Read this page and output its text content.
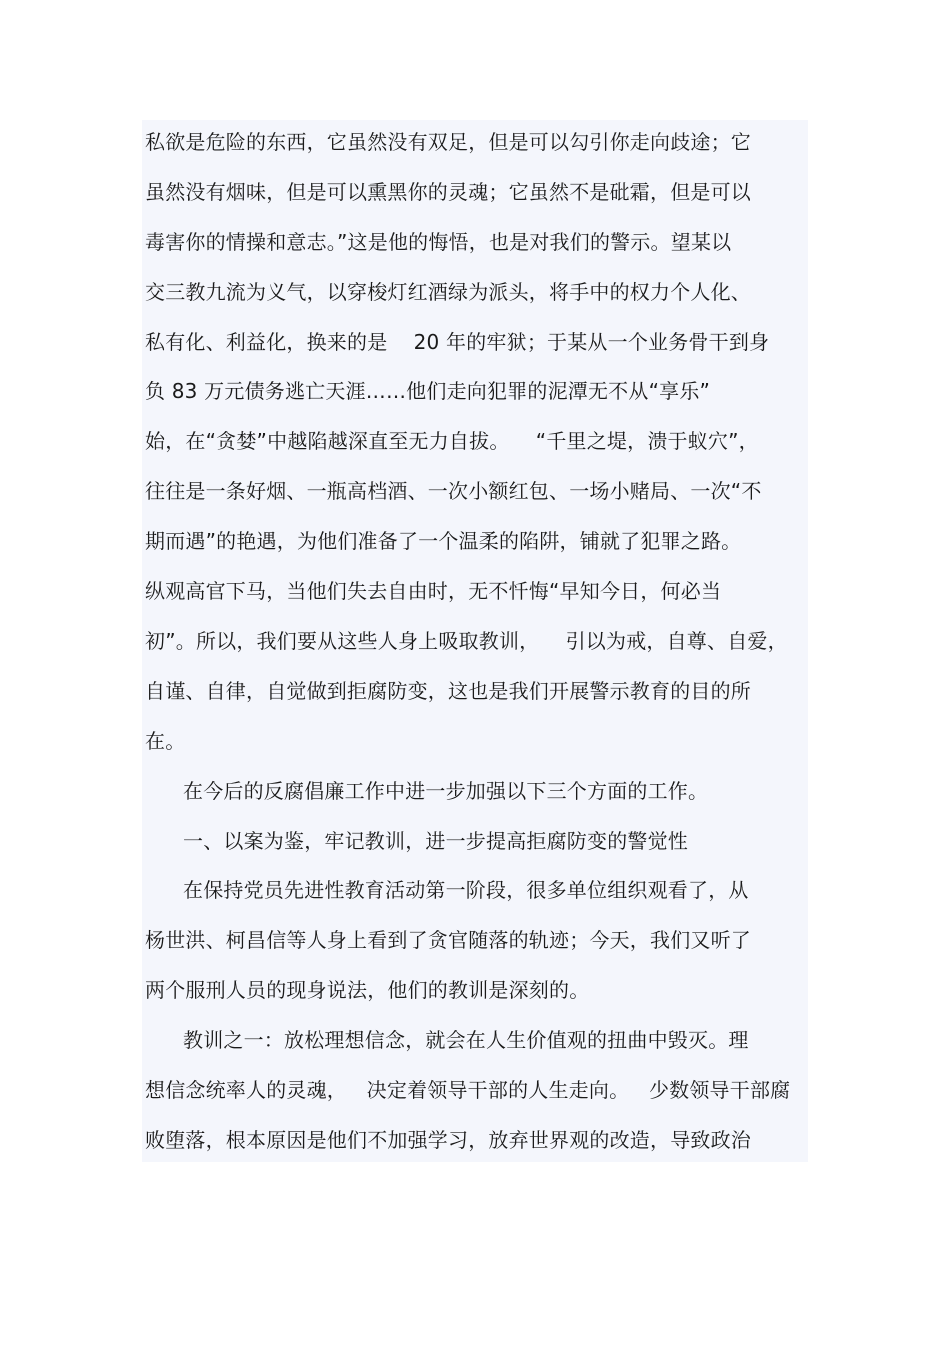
私欲是危险的东西，它虽然没有双足，但是可以勾引你走向歧途；它
虽然没有烟味，但是可以熏黑你的灵魂；它虽然不是砒霜，但是可以
毒害你的情操和意志。”这是他的悔悟，也是对我们的警示。望某以
交三教九流为义气，以穿梭灯红酒绿为派头，将手中的权力个人化、
私有化、利益化，换来的是    20 年的牢狱；于某从一个业务骨干到身
负 83 万元债务逃亡天涯……他们走向犯罪的泥潭无不从“享乐”
始，在“贪婪”中越陷越深直至无力自拔。    “千里之堤，溃于蚁穴”，
往往是一条好烟、一瓶高档酒、一次小额红包、一场小赌局、一次“不
期而遇”的艳遇，为他们准备了一个温柔的陷阱，铺就了犯罪之路。
纵观高官下马，当他们失去自由时，无不忏悔“早知今日，何必当
初”。所以，我们要从这些人身上吸取教训，    引以为戒，自尊、自爱，
自谨、自律，自觉做到拒腐防变，这也是我们开展警示教育的目的所
在。
在今后的反腐倡廉工作中进一步加强以下三个方面的工作。
一、以案为鉴，牢记教训，进一步提高拒腐防变的警觉性
在保持党员先进性教育活动第一阶段，很多单位组织观看了，从
杨世洪、柯昌信等人身上看到了贪官随落的轨迹；今天，我们又听了
两个服刑人员的现身说法，他们的教训是深刻的。
教训之一：放松理想信念，就会在人生价值观的扭曲中毁灭。理
想信念统率人的灵魂，   决定着领导干部的人生走向。   少数领导干部腐
败堕落，根本原因是他们不加强学习，放弃世界观的改造，导致政治
